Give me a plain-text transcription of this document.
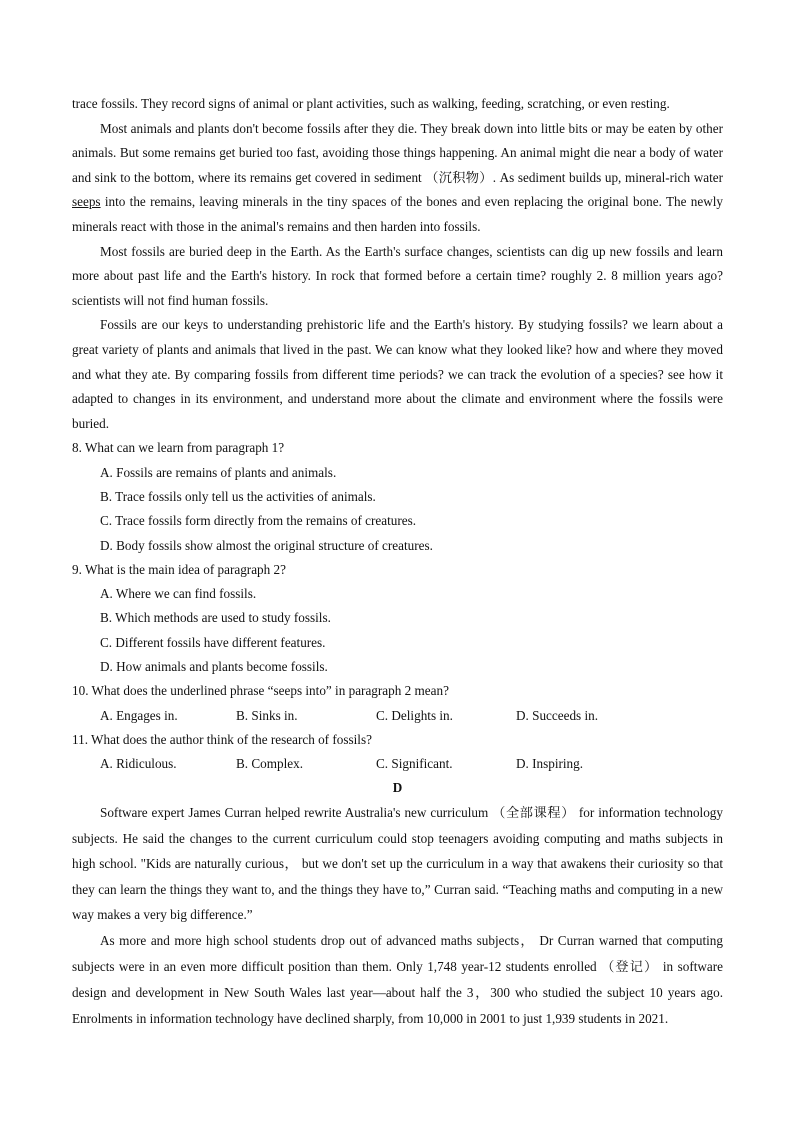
trace fossils. They record signs of animal or plant activities, such as walking, feeding, scratching, or even resting.

Most animals and plants don't become fossils after they die. They break down into little bits or may be eaten by other animals. But some remains get buried too fast, avoiding those things happening. An animal might die near a body of water and sink to the bottom, where its remains get covered in sediment （沉积物）. As sediment builds up, mineral-rich water seeps into the remains, leaving minerals in the tiny spaces of the bones and even replacing the original bone. The newly minerals react with those in the animal's remains and then harden into fossils.

Most fossils are buried deep in the Earth. As the Earth's surface changes, scientists can dig up new fossils and learn more about past life and the Earth's history. In rock that formed before a certain time? roughly 2. 8 million years ago? scientists will not find human fossils.

Fossils are our keys to understanding prehistoric life and the Earth's history. By studying fossils? we learn about a great variety of plants and animals that lived in the past. We can know what they looked like? how and where they moved and what they ate. By comparing fossils from different time periods? we can track the evolution of a species? see how it adapted to changes in its environment, and understand more about the climate and environment where the fossils were buried.

8. What can we learn from paragraph 1?

A. Fossils are remains of plants and animals.

B. Trace fossils only tell us the activities of animals.

C. Trace fossils form directly from the remains of creatures.

D. Body fossils show almost the original structure of creatures.

9. What is the main idea of paragraph 2?

A. Where we can find fossils.

B. Which methods are used to study fossils.

C. Different fossils have different features.

D. How animals and plants become fossils.

10. What does the underlined phrase “seeps into” in paragraph 2 mean?

A. Engages in.	B. Sinks in.	C. Delights in.	D. Succeeds in.

11. What does the author think of the research of fossils?

A. Ridiculous.	B. Complex.	C. Significant.	D. Inspiring.

D

Software expert James Curran helped rewrite Australia's new curriculum （全部课程） for information technology subjects. He said the changes to the current curriculum could stop teenagers avoiding computing and maths subjects in high school. "Kids are naturally curious， but we don't set up the curriculum in a way that awakens their curiosity so that they can learn the things they want to, and the things they have to,” Curran said. “Teaching maths and computing in a new way makes a very big difference.”

As more and more high school students drop out of advanced maths subjects， Dr Curran warned that computing subjects were in an even more difficult position than them. Only 1,748 year-12 students enrolled （登记） in software design and development in New South Wales last year—about half the 3，300 who studied the subject 10 years ago. Enrolments in information technology have declined sharply, from 10,000 in 2001 to just 1,939 students in 2021.
